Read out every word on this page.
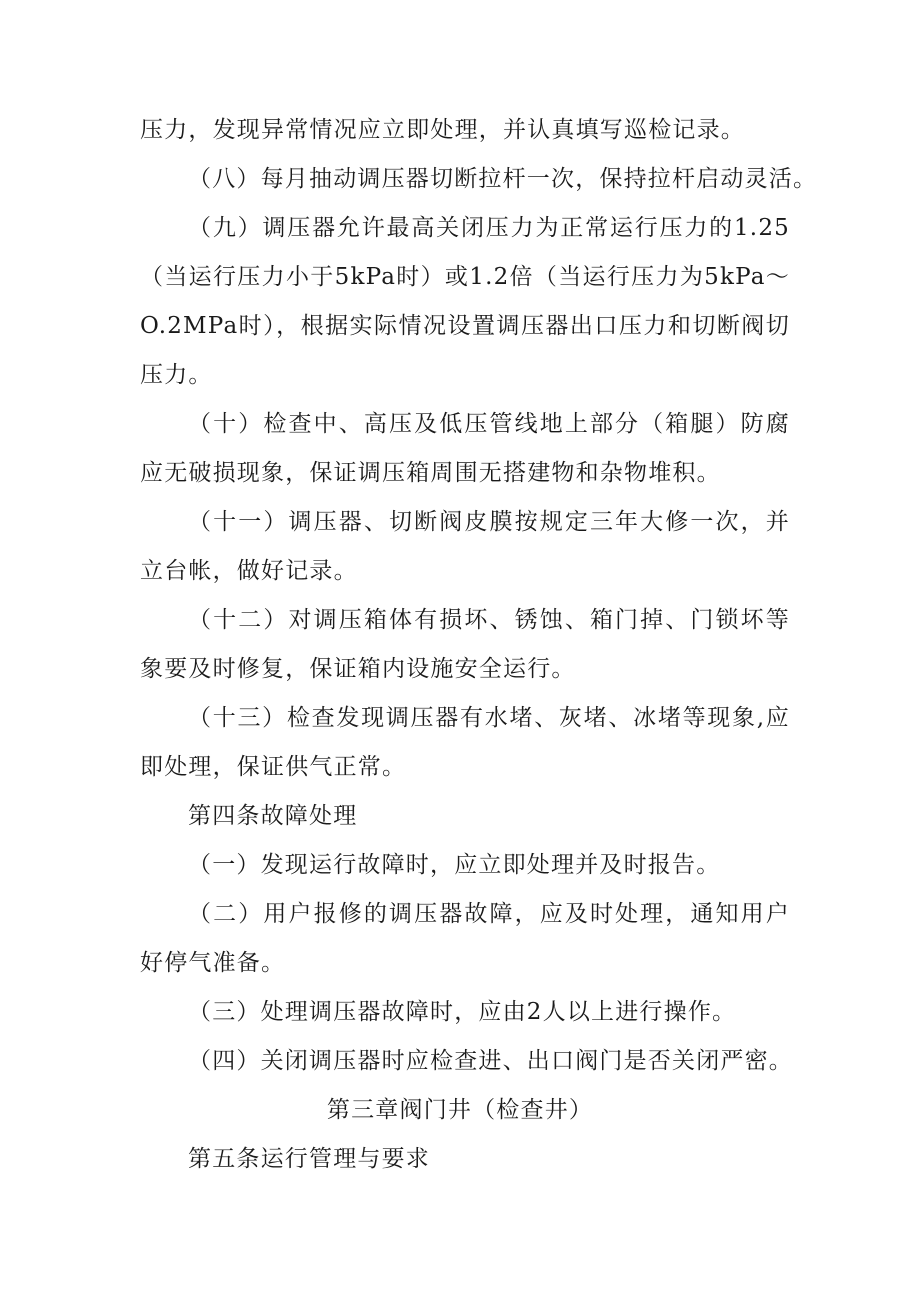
压力，发现异常情况应立即处理，并认真填写巡检记录。
（八）每月抽动调压器切断拉杆一次，保持拉杆启动灵活。
（九）调压器允许最高关闭压力为正常运行压力的1.25
（当运行压力小于5kPa时）或1.2倍（当运行压力为5kPa～
O.2MPa时），根据实际情况设置调压器出口压力和切断阀切
压力。
（十）检查中、高压及低压管线地上部分（箱腿）防腐
应无破损现象，保证调压箱周围无搭建物和杂物堆积。
（十一）调压器、切断阀皮膜按规定三年大修一次，并
立台帐，做好记录。
（十二）对调压箱体有损坏、锈蚀、箱门掉、门锁坏等
象要及时修复，保证箱内设施安全运行。
（十三）检查发现调压器有水堵、灰堵、冰堵等现象,应
即处理，保证供气正常。
第四条故障处理
（一）发现运行故障时，应立即处理并及时报告。
（二）用户报修的调压器故障，应及时处理，通知用户
好停气准备。
（三）处理调压器故障时，应由2人以上进行操作。
（四）关闭调压器时应检查进、出口阀门是否关闭严密。
第三章阀门井（检查井）
第五条运行管理与要求
